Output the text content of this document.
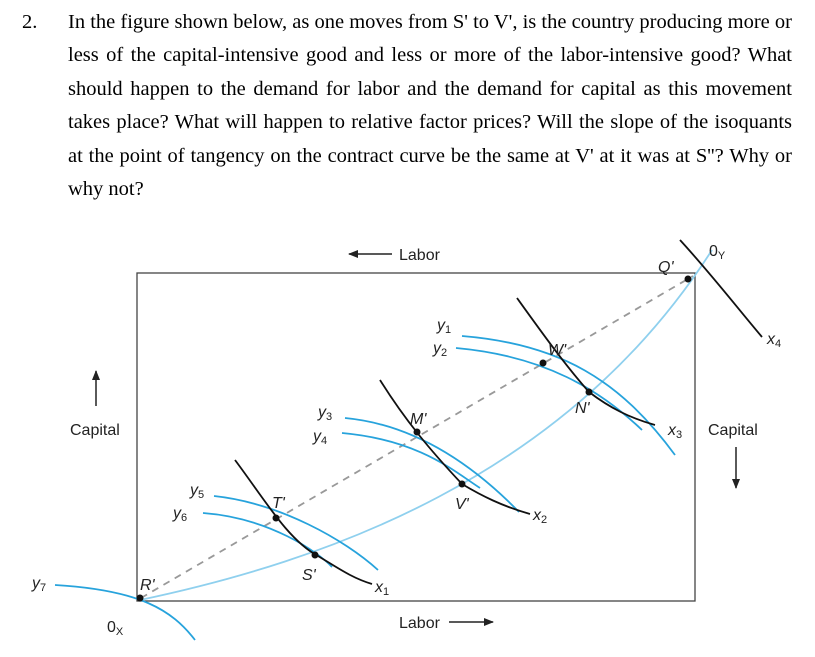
2. In the figure shown below, as one moves from S' to V', is the country producing more or less of the capital-intensive good and less or more of the labor-intensive good? What should happen to the demand for labor and the demand for capital as this movement takes place? What will happen to relative factor prices? Will the slope of the isoquants at the point of tangency on the contract curve be the same at V' at it was at S''? Why or why not?
R'
T'
S'
M'
V'
W'
N'
Q'
Labor
Labor
Capital	Capital
0X
0Y
x1
x2
x3
x4
y1
y2
y3
y4
y5
y6
y7
